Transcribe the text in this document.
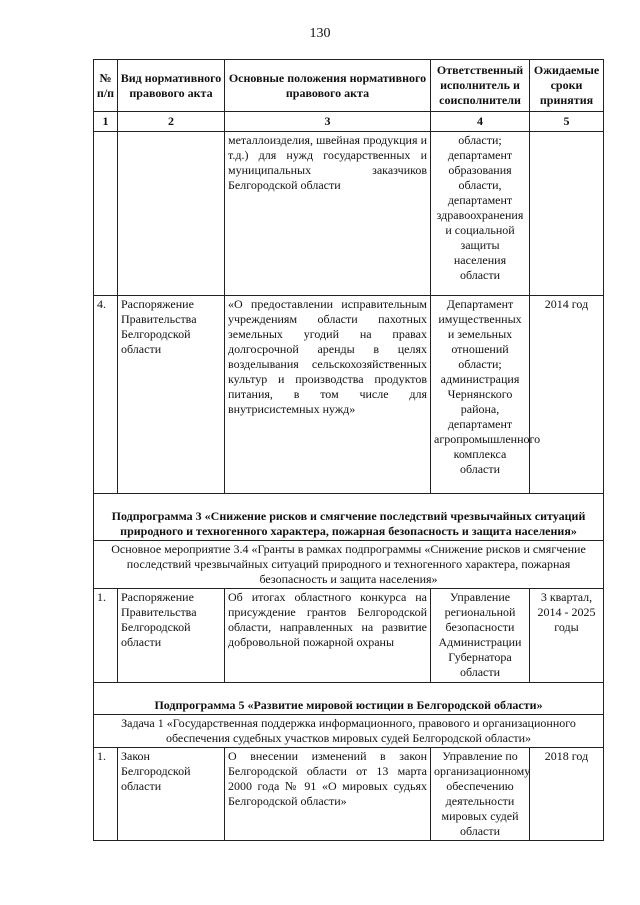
130
№ п/п	Вид нормативного правового акта	Основные положения нормативного правового акта	Ответственный исполнитель и соисполнители	Ожидаемые сроки принятия
1	2	3	4	5
		металлоизделия, швейная продукция и т.д.) для нужд государственных и муниципальных заказчиков Белгородской области	области; департамент образования области, департамент здравоохранения и социальной защиты населения области	
4.	Распоряжение Правительства Белгородской области	«О предоставлении исправительным учреждениям области пахотных земельных угодий на правах долгосрочной аренды в целях возделывания сельскохозяйственных культур и производства продуктов питания, в том числе для внутрисистемных нужд»	Департамент имущественных и земельных отношений области; администрация Чернянского района, департамент агропромышленного комплекса области	2014 год

Подпрограмма 3 «Снижение рисков и смягчение последствий чрезвычайных ситуаций природного и техногенного характера, пожарная безопасность и защита населения»				
Основное мероприятие 3.4 «Гранты в рамках подпрограммы «Снижение рисков и смягчение последствий чрезвычайных ситуаций природного и техногенного характера, пожарная безопасность и защита населения»				
1.	Распоряжение Правительства Белгородской области	Об итогах областного конкурса на присуждение грантов Белгородской области, направленных на развитие добровольной пожарной охраны	Управление региональной безопасности Администрации Губернатора области	3 квартал, 2014 - 2025 годы

Подпрограмма 5 «Развитие мировой юстиции в Белгородской области»				
Задача 1 «Государственная поддержка информационного, правового и организационного обеспечения судебных участков мировых судей Белгородской области»				
1.	Закон Белгородской области	О внесении изменений в закон Белгородской области от 13 марта 2000 года № 91 «О мировых судьях Белгородской области»	Управление по организационному обеспечению деятельности мировых судей области	2018 год
